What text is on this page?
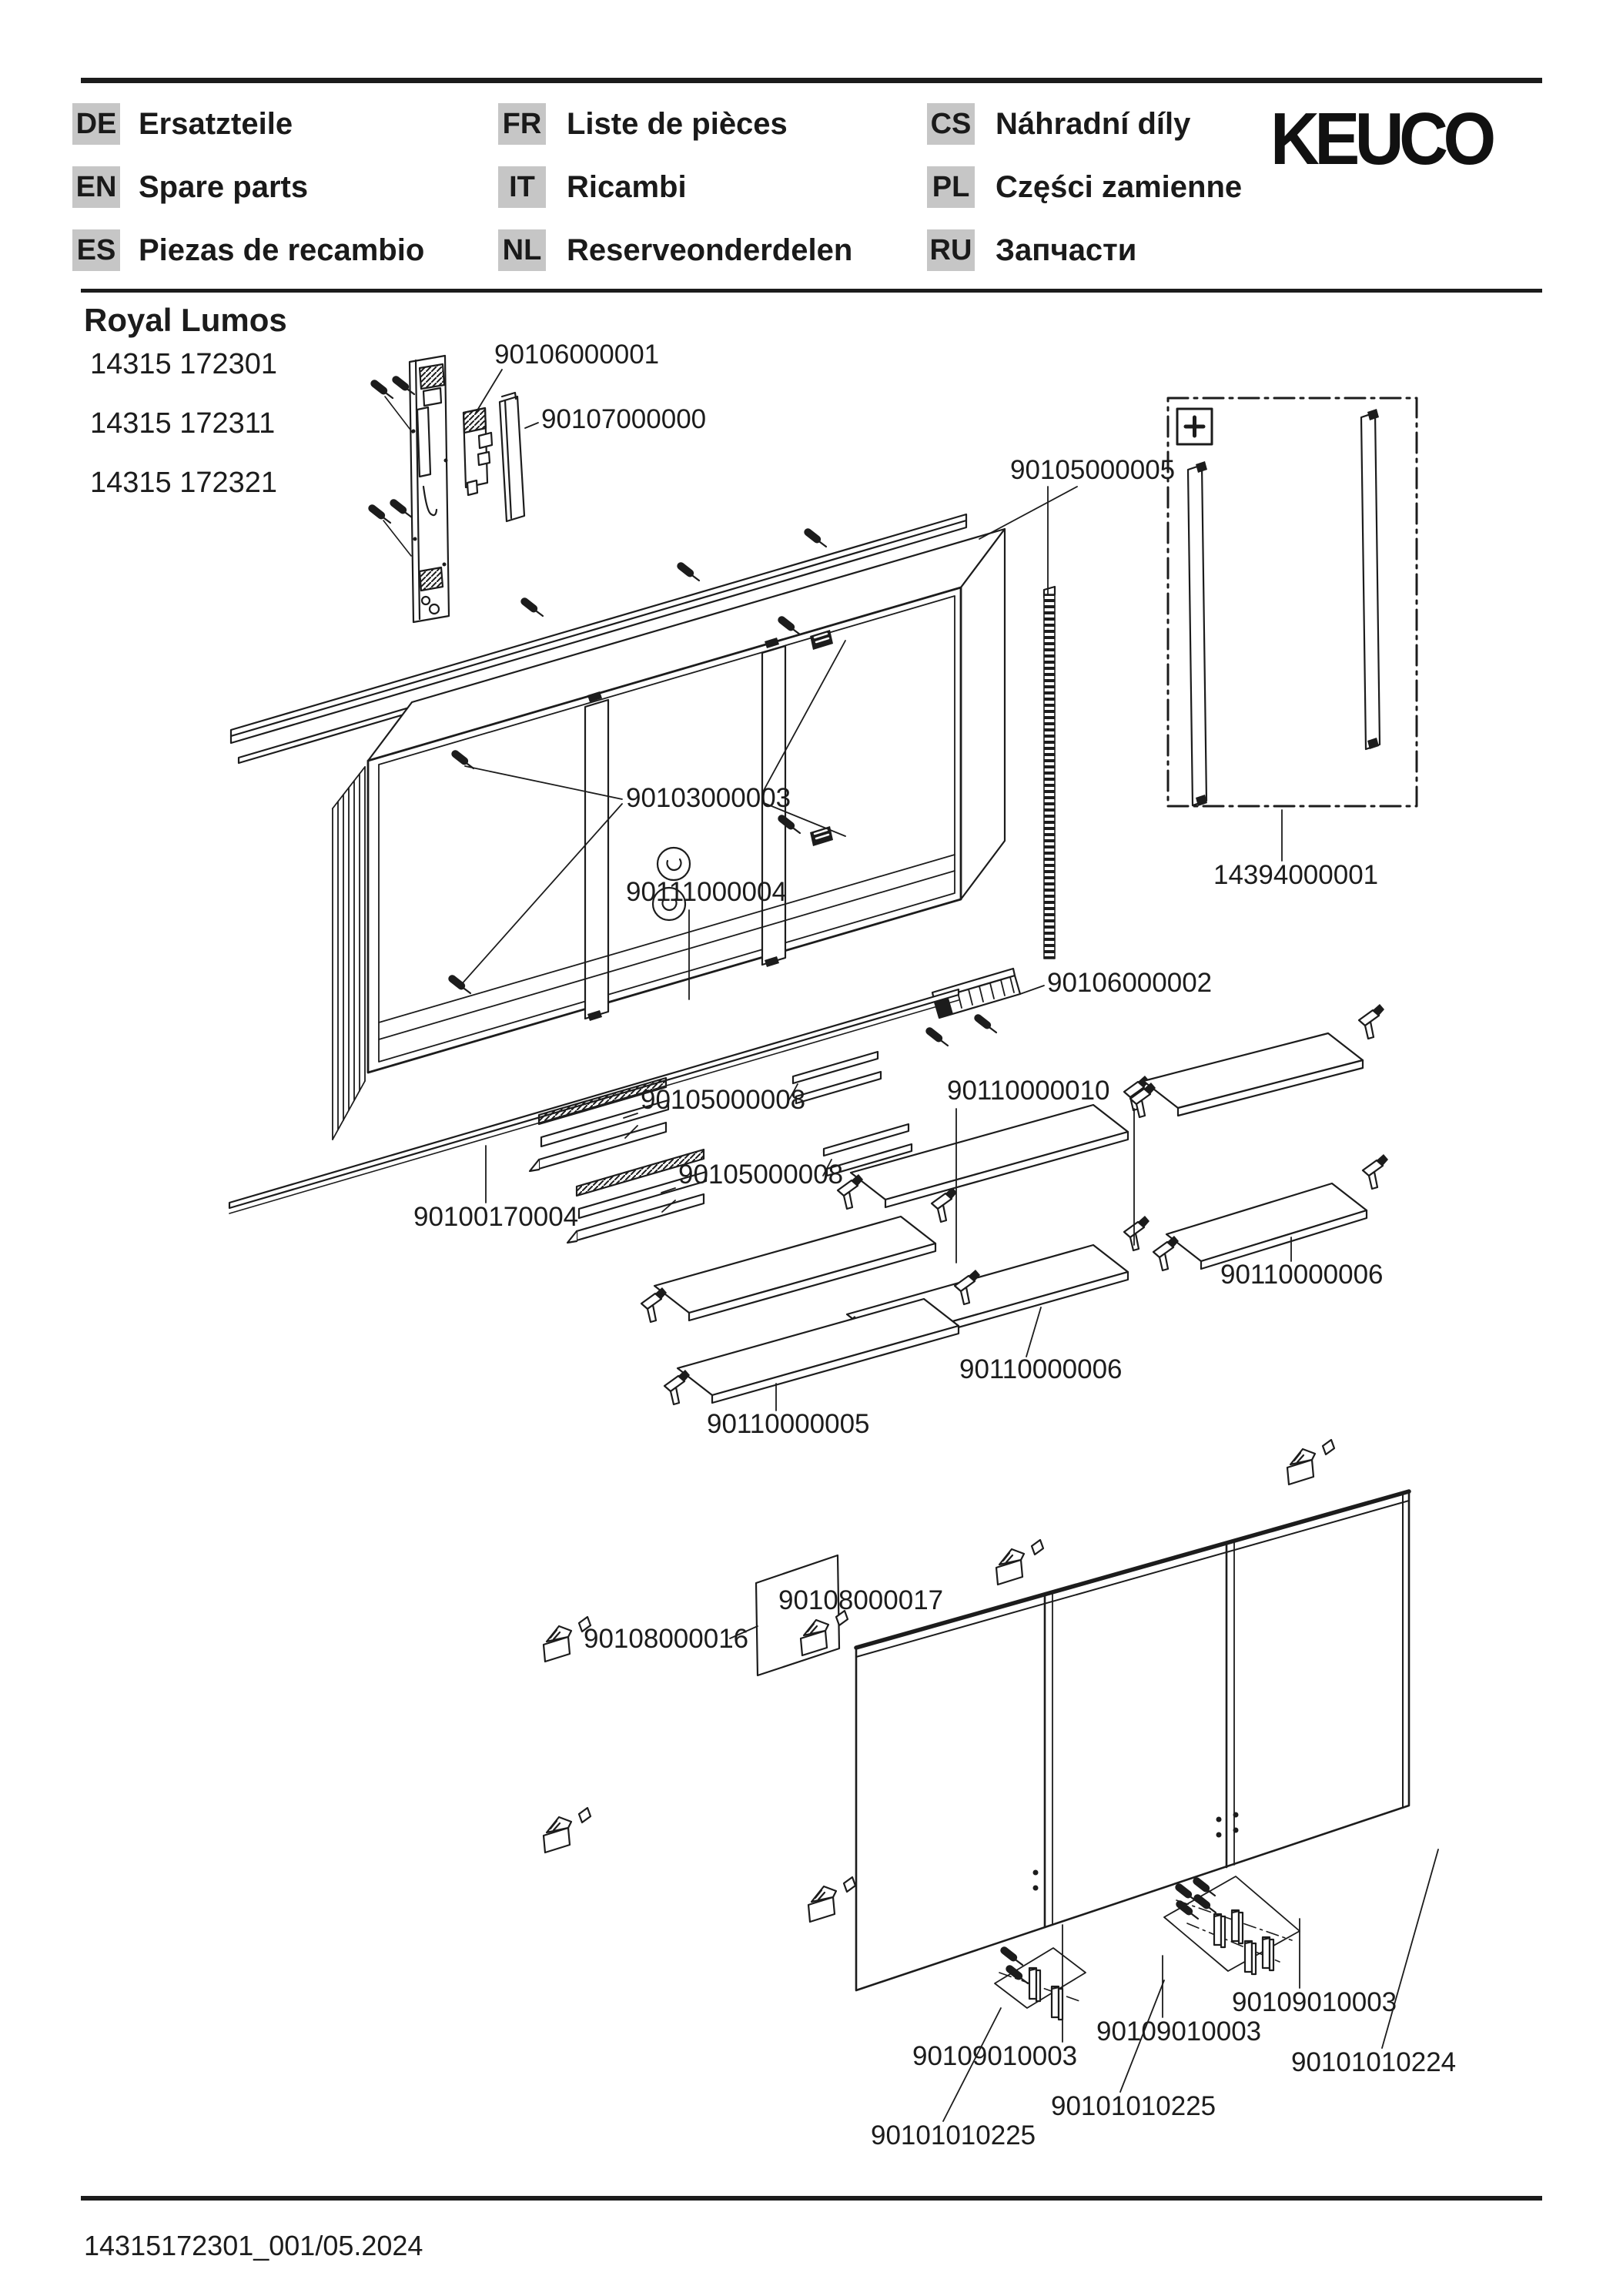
DE Ersatzteile
EN Spare parts
ES Piezas de recambio
FR Liste de pièces
IT	Ricambi
NL Reserveonderdelen
CS Náhradní díly
PL Części zamienne
RU Запчасти
KEUCO
Royal Lumos
14315 172301
14315 172311
14315 172321
90106000001
90107000000
90105000005
14394000001
90103000003
90111000004
90106000002
90105000008
90105000008
90100170004
90110000010
90110000006
90110000006
90110000005
90108000017
90108000016
90109010003
90109010003
90109010003	90101010224
90101010225
90101010225
14315172301_001/05.2024
